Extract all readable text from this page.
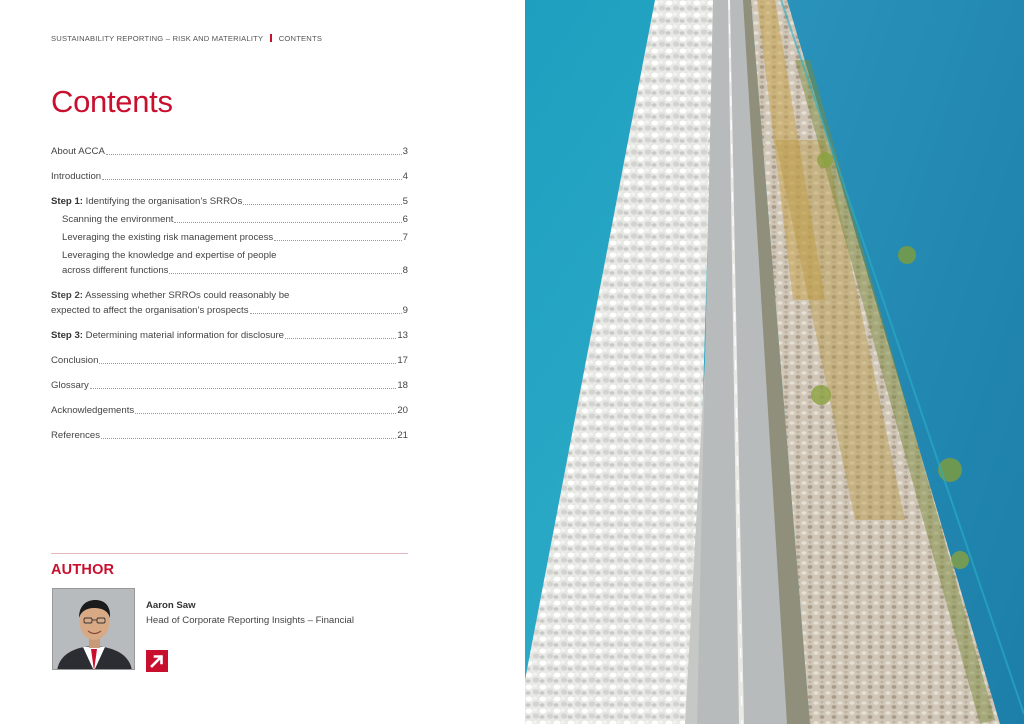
SUSTAINABILITY REPORTING – RISK AND MATERIALITY CONTENTS
Contents
About ACCA	3
Introduction	4
Step 1: Identifying the organisation’s SRROs	5
Scanning the environment	6
Leveraging the existing risk management process	7
Leveraging the knowledge and expertise of people
across different functions	8
Step 2: Assessing whether SRROs could reasonably be
expected to affect the organisation’s prospects	9
Step 3: Determining material information for disclosure	13
Conclusion	17
Glossary	18
Acknowledgements	20
References	21
AUTHOR
Aaron Saw
Head of Corporate Reporting Insights – Financial
